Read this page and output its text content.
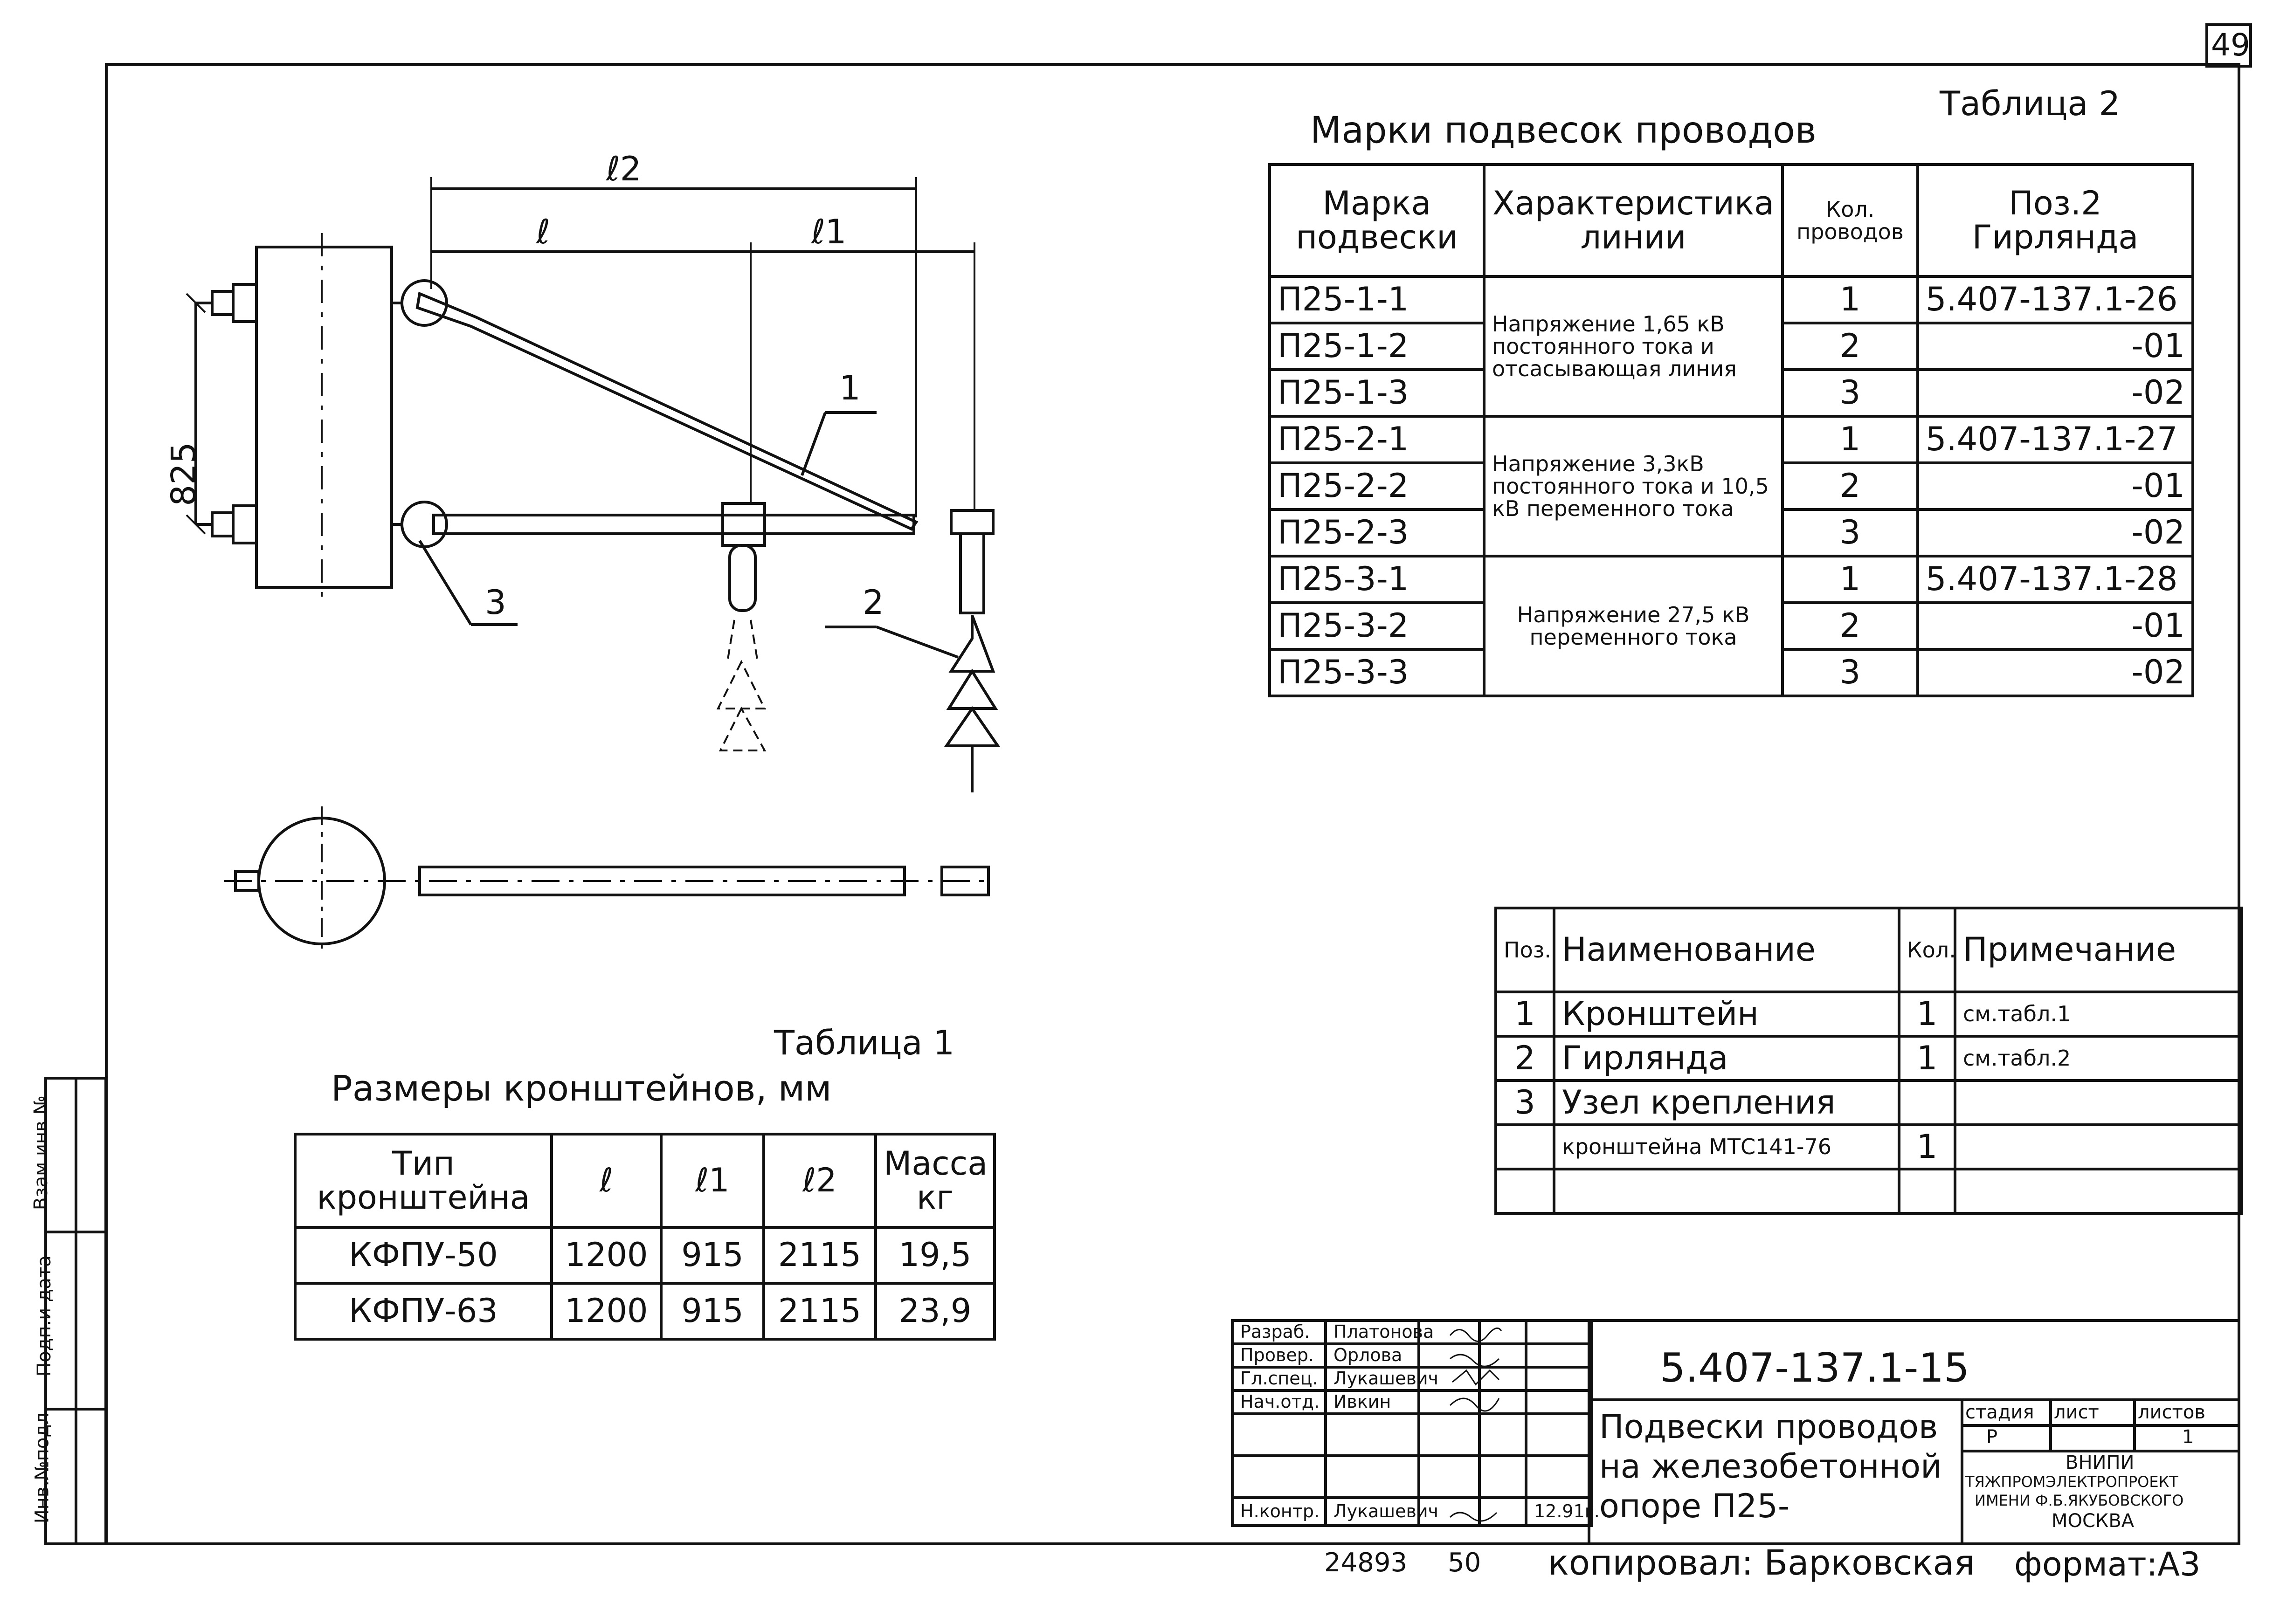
49
Инв.№подл.
Подп.и дата
Взам.инв.№
ℓ2
ℓ	ℓ1
825
1
2
3
Таблица 2
Марки подвесок проводов
Марка подвески	Характеристика линии	Кол. проводов	Поз.2 Гирлянда
П25-1-1	Напряжение 1,65 кВ постоянного тока и отсасывающая линия	1	5.407-137.1-26
П25-1-2		2	-01
П25-1-3		3	-02
П25-2-1	Напряжение 3,3кВ постоянного тока и 10,5 кВ переменного тока	1	5.407-137.1-27
П25-2-2		2	-01
П25-2-3		3	-02
П25-3-1	Напряжение 27,5 кВ переменного тока	1	5.407-137.1-28
П25-3-2		2	-01
П25-3-3		3	-02
Поз.	Наименование	Кол.	Примечание
1	Кронштейн	1	см.табл.1
2	Гирлянда	1	см.табл.2
3	Узел крепления		
	кронштейна МТС141-76	1	

Таблица 1
Размеры кронштейнов, мм
Тип кронштейна	ℓ	ℓ1	ℓ2	Масса кг
КФПУ-50	1200	915	2115	19,5
КФПУ-63	1200	915	2115	23,9
Разраб.	Платонова			
Провер.	Орлова			
Гл.спец.	Лукашевич			
Нач.отд.	Ивкин			

Н.контр.	Лукашевич			12.91г.
5.407-137.1-15
Подвески проводов
на железобетонной
опоре П25-
стадия лист листов
Р	1
ВНИПИ
ТЯЖПРОМЭЛЕКТРОПРОЕКТ
ИМЕНИ Ф.Б.ЯКУБОВСКОГО
МОСКВА
24893 50 копировал: Барковская формат:А3
